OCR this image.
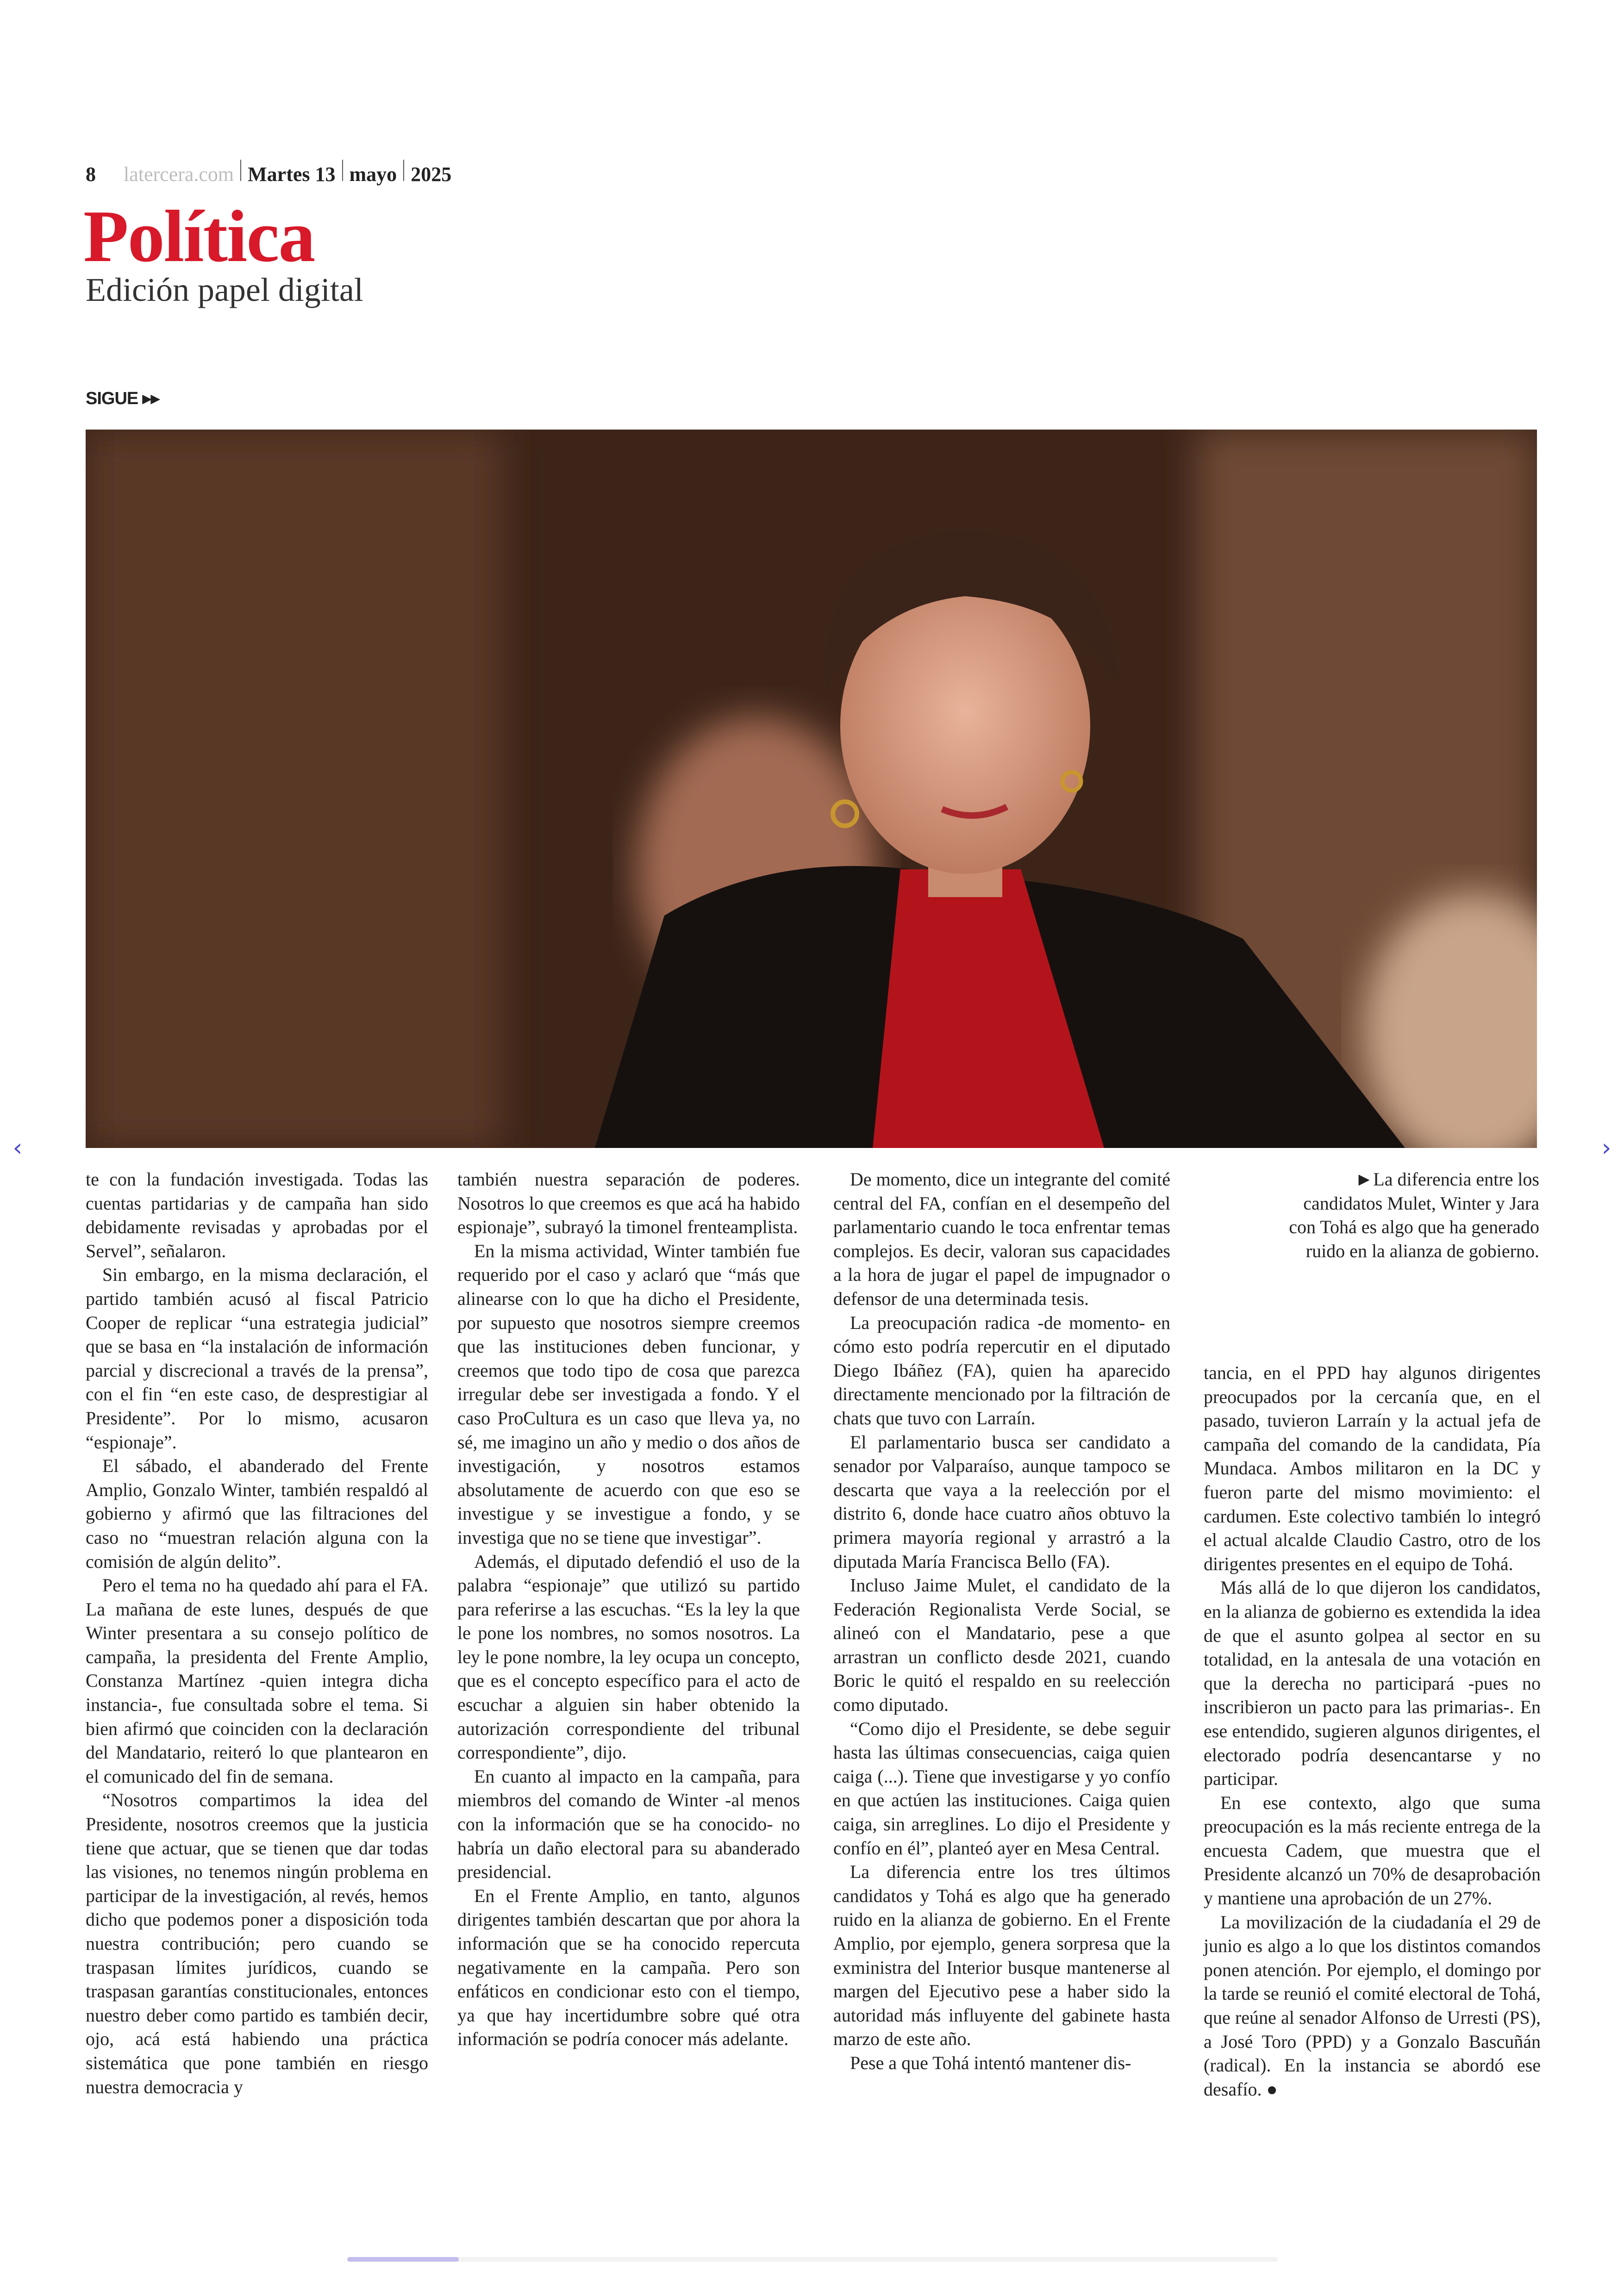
8 latercera.com Martes 13 mayo 2025
Política
Edición papel digital
SIGUE ▸▸

te con la fundación investigada. Todas las cuentas partidarias y de campaña han sido debidamente revisadas y aprobadas por el Servel”, señalaron.

Sin embargo, en la misma declaración, el partido también acusó al fiscal Patricio Cooper de replicar “una estrategia judicial” que se basa en “la instalación de información parcial y discrecional a través de la prensa”, con el fin “en este caso, de desprestigiar al Presidente”. Por lo mismo, acusaron “espionaje”.

El sábado, el abanderado del Frente Amplio, Gonzalo Winter, también respaldó al gobierno y afirmó que las filtraciones del caso no “muestran relación alguna con la comisión de algún delito”.

Pero el tema no ha quedado ahí para el FA. La mañana de este lunes, después de que Winter presentara a su consejo político de campaña, la presidenta del Frente Amplio, Constanza Martínez -quien integra dicha instancia-, fue consultada sobre el tema. Si bien afirmó que coinciden con la declaración del Mandatario, reiteró lo que plantearon en el comunicado del fin de semana.

“Nosotros compartimos la idea del Presidente, nosotros creemos que la justicia tiene que actuar, que se tienen que dar todas las visiones, no tenemos ningún problema en participar de la investigación, al revés, hemos dicho que podemos poner a disposición toda nuestra contribución; pero cuando se traspasan límites jurídicos, cuando se traspasan garantías constitucionales, entonces nuestro deber como partido es también decir, ojo, acá está habiendo una práctica sistemática que pone también en riesgo nuestra democracia y

también nuestra separación de poderes. Nosotros lo que creemos es que acá ha habido espionaje”, subrayó la timonel frenteamplista.

En la misma actividad, Winter también fue requerido por el caso y aclaró que “más que alinearse con lo que ha dicho el Presidente, por supuesto que nosotros siempre creemos que las instituciones deben funcionar, y creemos que todo tipo de cosa que parezca irregular debe ser investigada a fondo. Y el caso ProCultura es un caso que lleva ya, no sé, me imagino un año y medio o dos años de investigación, y nosotros estamos absolutamente de acuerdo con que eso se investigue y se investigue a fondo, y se investiga que no se tiene que investigar”.

Además, el diputado defendió el uso de la palabra “espionaje” que utilizó su partido para referirse a las escuchas. “Es la ley la que le pone los nombres, no somos nosotros. La ley le pone nombre, la ley ocupa un concepto, que es el concepto específico para el acto de escuchar a alguien sin haber obtenido la autorización correspondiente del tribunal correspondiente”, dijo.

En cuanto al impacto en la campaña, para miembros del comando de Winter -al menos con la información que se ha conocido- no habría un daño electoral para su abanderado presidencial.

En el Frente Amplio, en tanto, algunos dirigentes también descartan que por ahora la información que se ha conocido repercuta negativamente en la campaña. Pero son enfáticos en condicionar esto con el tiempo, ya que hay incertidumbre sobre qué otra información se podría conocer más adelante.

De momento, dice un integrante del comité central del FA, confían en el desempeño del parlamentario cuando le toca enfrentar temas complejos. Es decir, valoran sus capacidades a la hora de jugar el papel de impugnador o defensor de una determinada tesis.

La preocupación radica -de momento- en cómo esto podría repercutir en el diputado Diego Ibáñez (FA), quien ha aparecido directamente mencionado por la filtración de chats que tuvo con Larraín.

El parlamentario busca ser candidato a senador por Valparaíso, aunque tampoco se descarta que vaya a la reelección por el distrito 6, donde hace cuatro años obtuvo la primera mayoría regional y arrastró a la diputada María Francisca Bello (FA).

Incluso Jaime Mulet, el candidato de la Federación Regionalista Verde Social, se alineó con el Mandatario, pese a que arrastran un conflicto desde 2021, cuando Boric le quitó el respaldo en su reelección como diputado.

“Como dijo el Presidente, se debe seguir hasta las últimas consecuencias, caiga quien caiga (...). Tiene que investigarse y yo confío en que actúen las instituciones. Caiga quien caiga, sin arreglines. Lo dijo el Presidente y confío en él”, planteó ayer en Mesa Central.

La diferencia entre los tres últimos candidatos y Tohá es algo que ha generado ruido en la alianza de gobierno. En el Frente Amplio, por ejemplo, genera sorpresa que la exministra del Interior busque mantenerse al margen del Ejecutivo pese a haber sido la autoridad más influyente del gabinete hasta marzo de este año.

Pese a que Tohá intentó mantener dis-

►La diferencia entre los candidatos Mulet, Winter y Jara con Tohá es algo que ha generado ruido en la alianza de gobierno.

tancia, en el PPD hay algunos dirigentes preocupados por la cercanía que, en el pasado, tuvieron Larraín y la actual jefa de campaña del comando de la candidata, Pía Mundaca. Ambos militaron en la DC y fueron parte del mismo movimiento: el cardumen. Este colectivo también lo integró el actual alcalde Claudio Castro, otro de los dirigentes presentes en el equipo de Tohá.

Más allá de lo que dijeron los candidatos, en la alianza de gobierno es extendida la idea de que el asunto golpea al sector en su totalidad, en la antesala de una votación en que la derecha no participará -pues no inscribieron un pacto para las primarias-. En ese entendido, sugieren algunos dirigentes, el electorado podría desencantarse y no participar.

En ese contexto, algo que suma preocupación es la más reciente entrega de la encuesta Cadem, que muestra que el Presidente alcanzó un 70% de desaprobación y mantiene una aprobación de un 27%.

La movilización de la ciudadanía el 29 de junio es algo a lo que los distintos comandos ponen atención. Por ejemplo, el domingo por la tarde se reunió el comité electoral de Tohá, que reúne al senador Alfonso de Urresti (PS), a José Toro (PPD) y a Gonzalo Bascuñán (radical). En la instancia se abordó ese desafío. ●

‹	›
